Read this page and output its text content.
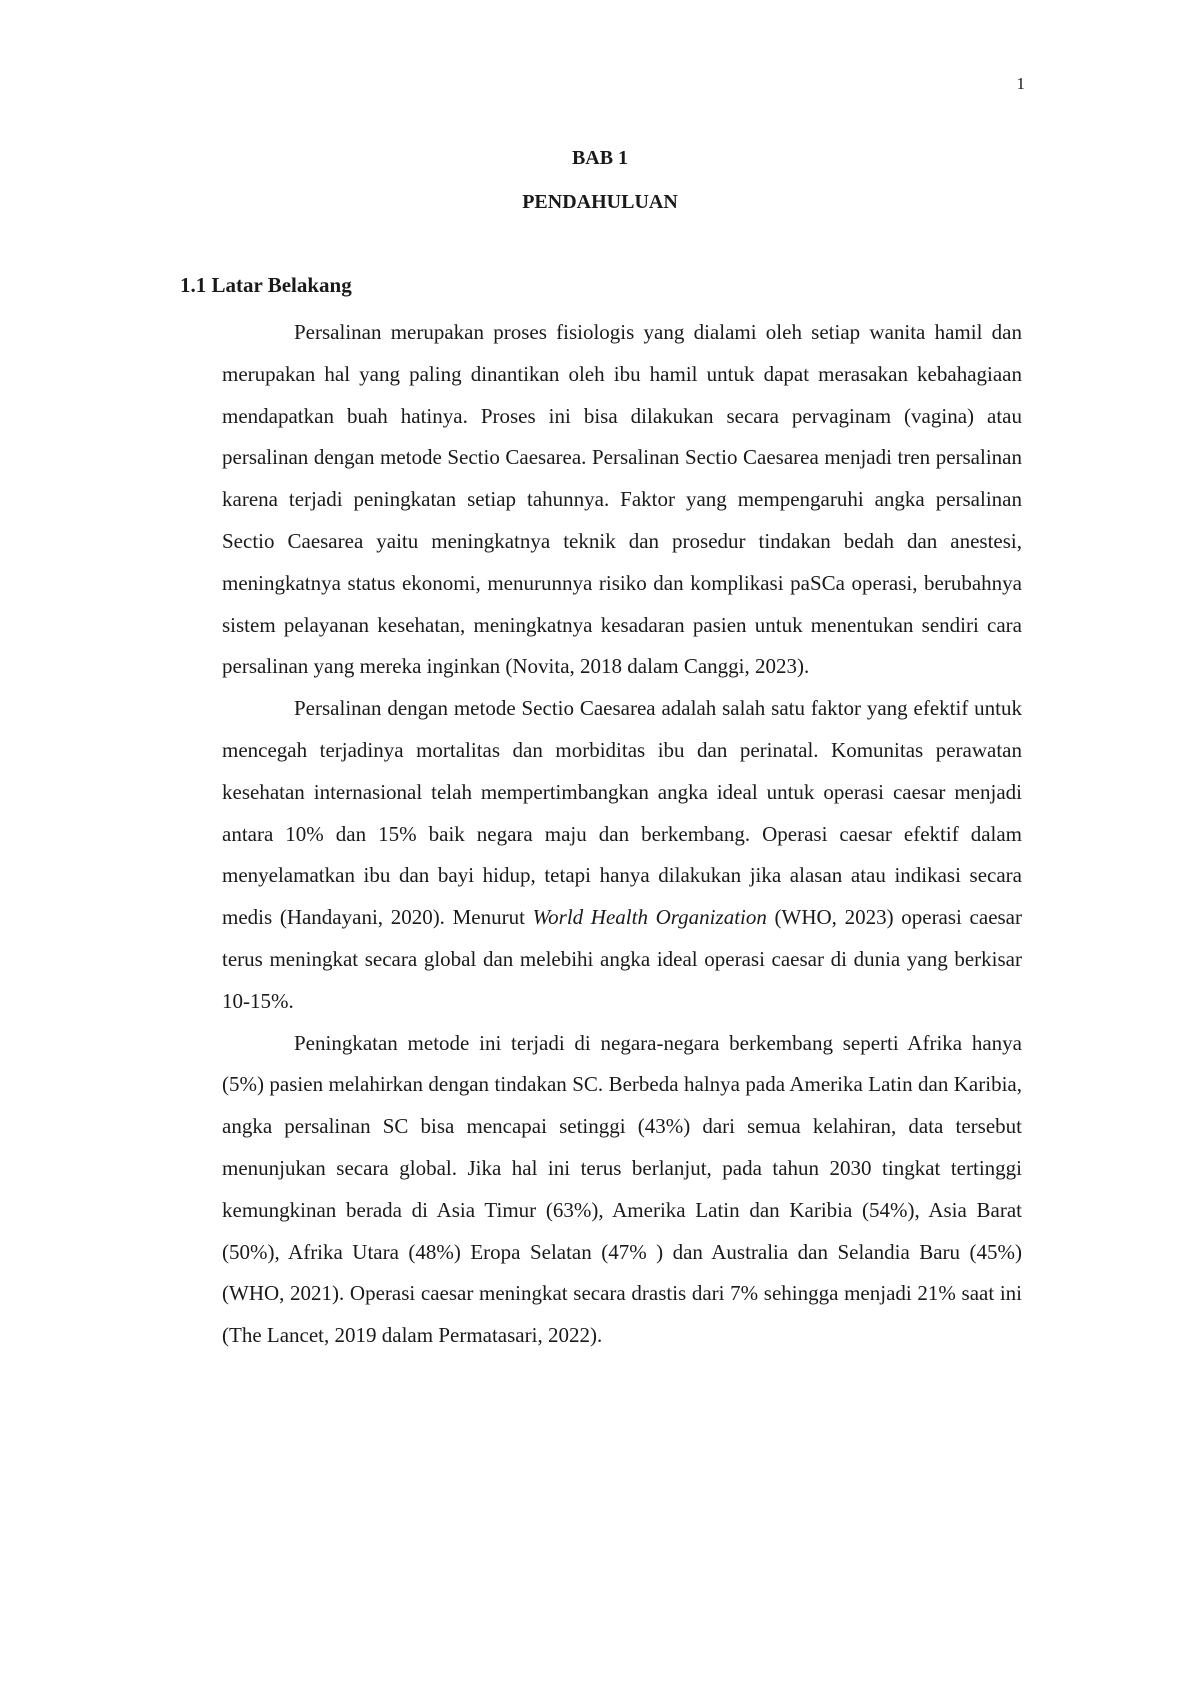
1
BAB 1
PENDAHULUAN
1.1 Latar Belakang

Persalinan merupakan proses fisiologis yang dialami oleh setiap wanita hamil dan merupakan hal yang paling dinantikan oleh ibu hamil untuk dapat merasakan kebahagiaan mendapatkan buah hatinya. Proses ini bisa dilakukan secara pervaginam (vagina) atau persalinan dengan metode Sectio Caesarea. Persalinan Sectio Caesarea menjadi tren persalinan karena terjadi peningkatan setiap tahunnya. Faktor yang mempengaruhi angka persalinan Sectio Caesarea yaitu meningkatnya teknik dan prosedur tindakan bedah dan anestesi, meningkatnya status ekonomi, menurunnya risiko dan komplikasi paSCa operasi, berubahnya sistem pelayanan kesehatan, meningkatnya kesadaran pasien untuk menentukan sendiri cara persalinan yang mereka inginkan (Novita, 2018 dalam Canggi, 2023).

Persalinan dengan metode Sectio Caesarea adalah salah satu faktor yang efektif untuk mencegah terjadinya mortalitas dan morbiditas ibu dan perinatal. Komunitas perawatan kesehatan internasional telah mempertimbangkan angka ideal untuk operasi caesar menjadi antara 10% dan 15% baik negara maju dan berkembang. Operasi caesar efektif dalam menyelamatkan ibu dan bayi hidup, tetapi hanya dilakukan jika alasan atau indikasi secara medis (Handayani, 2020). Menurut World Health Organization (WHO, 2023) operasi caesar terus meningkat secara global dan melebihi angka ideal operasi caesar di dunia yang berkisar 10-15%.

Peningkatan metode ini terjadi di negara-negara berkembang seperti Afrika hanya (5%) pasien melahirkan dengan tindakan SC. Berbeda halnya pada Amerika Latin dan Karibia, angka persalinan SC bisa mencapai setinggi (43%) dari semua kelahiran, data tersebut menunjukan secara global. Jika hal ini terus berlanjut, pada tahun 2030 tingkat tertinggi kemungkinan berada di Asia Timur (63%), Amerika Latin dan Karibia (54%), Asia Barat (50%), Afrika Utara (48%) Eropa Selatan (47% ) dan Australia dan Selandia Baru (45%) (WHO, 2021). Operasi caesar meningkat secara drastis dari 7% sehingga menjadi 21% saat ini (The Lancet, 2019 dalam Permatasari, 2022).
